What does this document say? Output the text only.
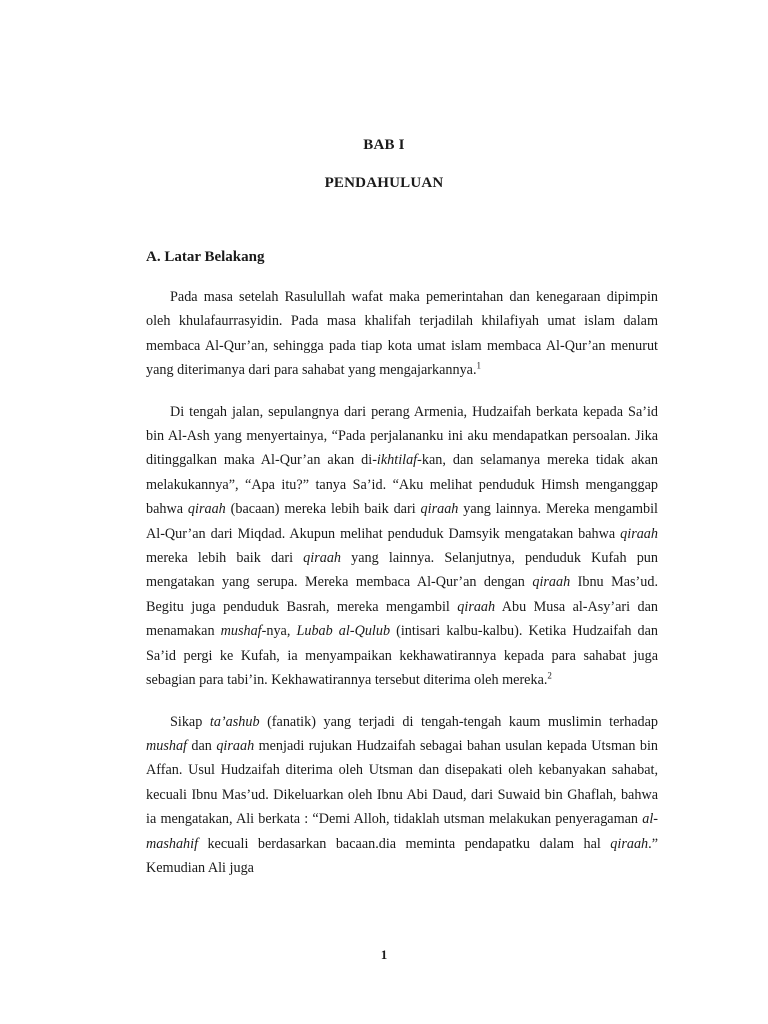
BAB I
PENDAHULUAN
A. Latar Belakang

Pada masa setelah Rasulullah wafat maka pemerintahan dan kenegaraan dipimpin oleh khulafaurrasyidin. Pada masa khalifah terjadilah khilafiyah umat islam dalam membaca Al-Qur’an, sehingga pada tiap kota umat islam membaca Al-Qur’an menurut yang diterimanya dari para sahabat yang mengajarkannya.$^1$

Di tengah jalan, sepulangnya dari perang Armenia, Hudzaifah berkata kepada Sa’id bin Al-Ash yang menyertainya, “Pada perjalananku ini aku mendapatkan persoalan. Jika ditinggalkan maka Al-Qur’an akan di-ikhtilaf-kan, dan selamanya mereka tidak akan melakukannya”, “Apa itu?” tanya Sa’id. “Aku melihat penduduk Himsh menganggap bahwa qiraah (bacaan) mereka lebih baik dari qiraah yang lainnya. Mereka mengambil Al-Qur’an dari Miqdad. Akupun melihat penduduk Damsyik mengatakan bahwa qiraah mereka lebih baik dari qiraah yang lainnya. Selanjutnya, penduduk Kufah pun mengatakan yang serupa. Mereka membaca Al-Qur’an dengan qiraah Ibnu Mas’ud. Begitu juga penduduk Basrah, mereka mengambil qiraah Abu Musa al-Asy’ari dan menamakan mushaf-nya, Lubab al-Qulub (intisari kalbu-kalbu). Ketika Hudzaifah dan Sa’id pergi ke Kufah, ia menyampaikan kekhawatirannya kepada para sahabat juga sebagian para tabi’in. Kekhawatirannya tersebut diterima oleh mereka.$^2$

Sikap ta’ashub (fanatik) yang terjadi di tengah-tengah kaum muslimin terhadap mushaf dan qiraah menjadi rujukan Hudzaifah sebagai bahan usulan kepada Utsman bin Affan. Usul Hudzaifah diterima oleh Utsman dan disepakati oleh kebanyakan sahabat, kecuali Ibnu Mas’ud. Dikeluarkan oleh Ibnu Abi Daud, dari Suwaid bin Ghaflah, bahwa ia mengatakan, Ali berkata : “Demi Alloh, tidaklah utsman melakukan penyeragaman al-mashahif kecuali berdasarkan bacaan.dia meminta pendapatku dalam hal qiraah.” Kemudian Ali juga

1
